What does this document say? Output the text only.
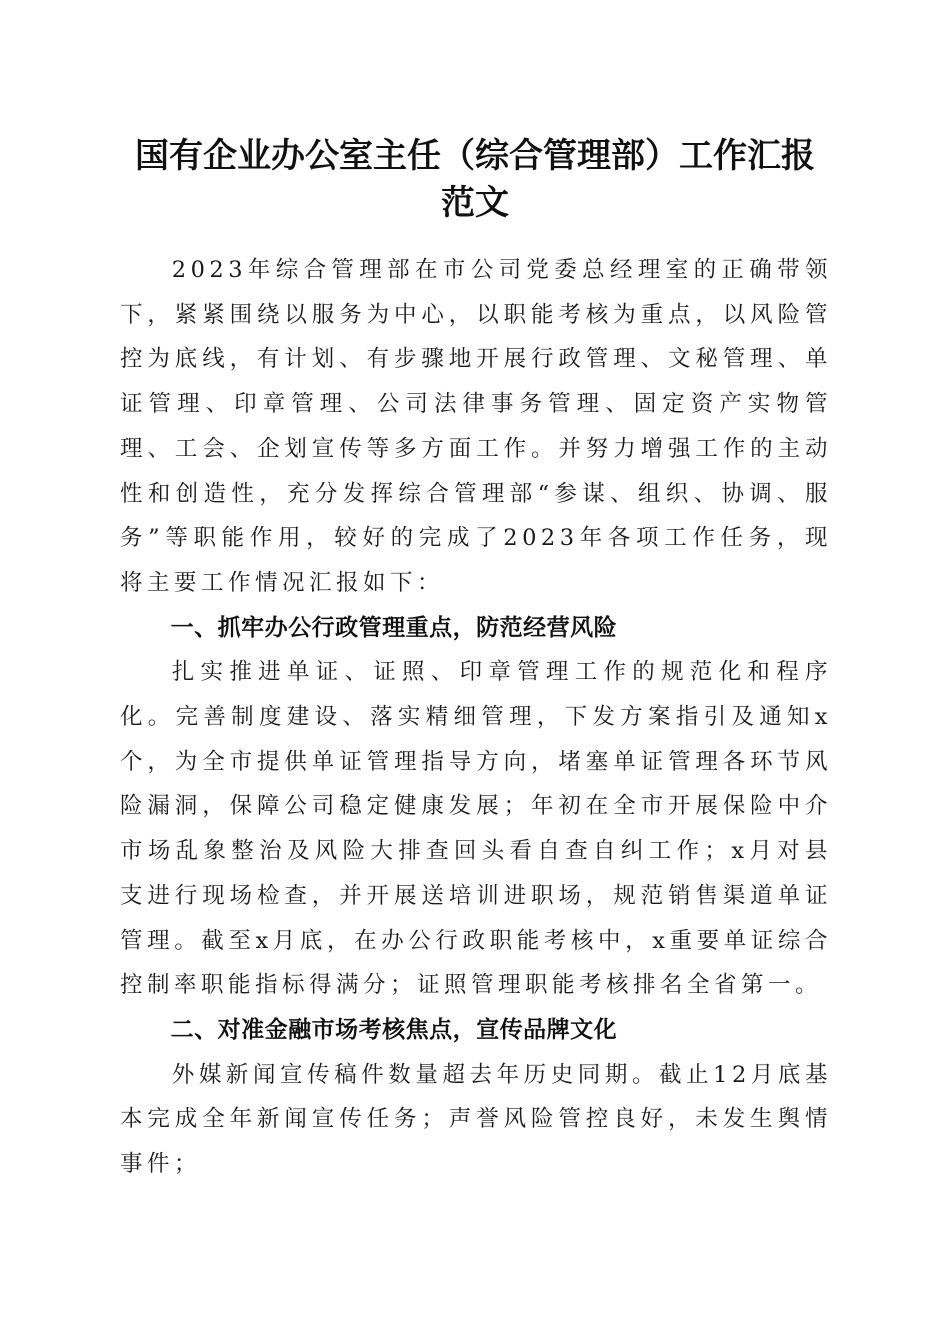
国有企业办公室主任（综合管理部）工作汇报
范文

2023年综合管理部在市公司党委总经理室的正确带领下，紧紧围绕以服务为中心，以职能考核为重点，以风险管控为底线，有计划、有步骤地开展行政管理、文秘管理、单证管理、印章管理、公司法律事务管理、固定资产实物管理、工会、企划宣传等多方面工作。并努力增强工作的主动性和创造性，充分发挥综合管理部“参谋、组织、协调、服务”等职能作用，较好的完成了2023年各项工作任务，现将主要工作情况汇报如下：

一、抓牢办公行政管理重点，防范经营风险

扎实推进单证、证照、印章管理工作的规范化和程序化。完善制度建设、落实精细管理，下发方案指引及通知x个，为全市提供单证管理指导方向，堵塞单证管理各环节风险漏洞，保障公司稳定健康发展；年初在全市开展保险中介市场乱象整治及风险大排查回头看自查自纠工作；x月对县支进行现场检查，并开展送培训进职场，规范销售渠道单证管理。截至x月底，在办公行政职能考核中，x重要单证综合控制率职能指标得满分；证照管理职能考核排名全省第一。

二、对准金融市场考核焦点，宣传品牌文化

外媒新闻宣传稿件数量超去年历史同期。截止12月底基本完成全年新闻宣传任务；声誉风险管控良好，未发生舆情事件；
